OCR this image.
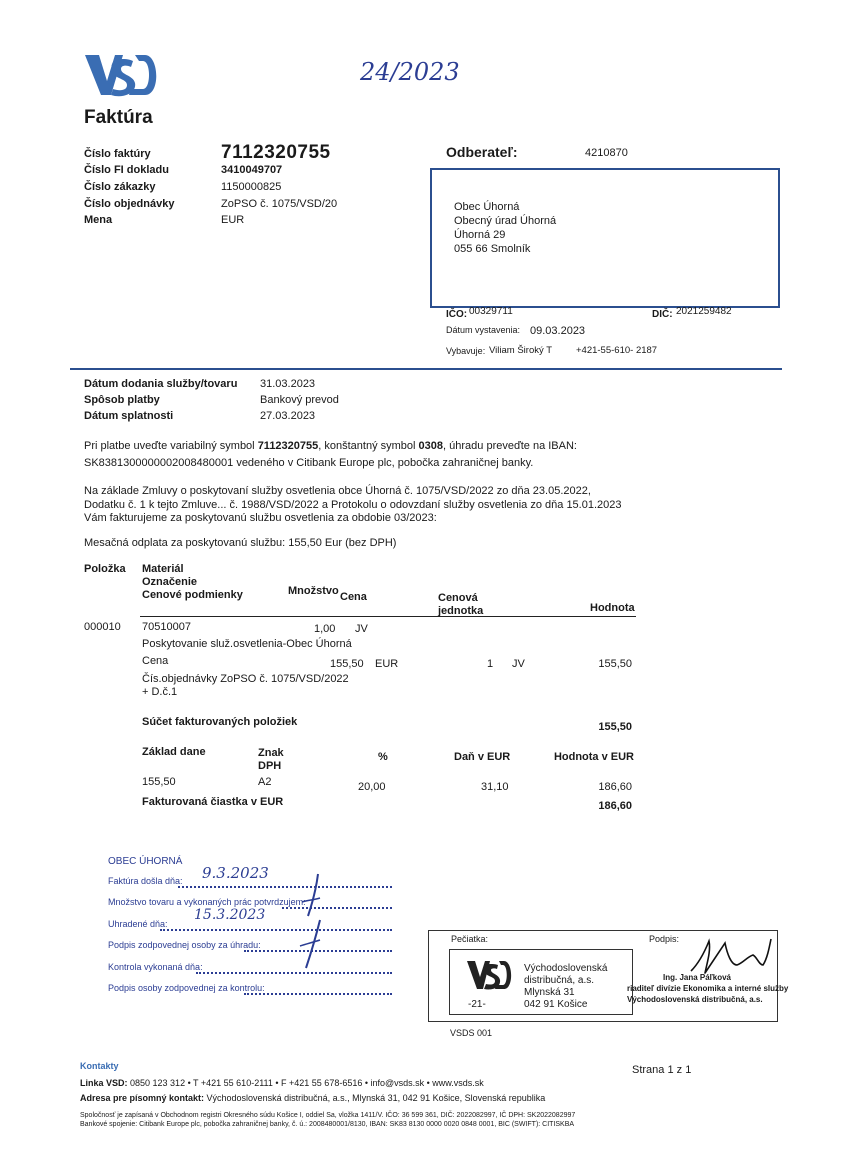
Faktúra
24/2023
Číslo faktúry	7112320755
Číslo FI dokladu	3410049707
Číslo zákazky	1150000825
Číslo objednávky	ZoPSO č. 1075/VSD/20
Mena	EUR
Odberateľ:	4210870
Obec Úhorná
Obecný úrad Úhorná
Úhorná 29
055 66 Smolník
IČO: 00329711	DIČ: 2021259482
Dátum vystavenia: 09.03.2023
Vybavuje: Viliam Široký T	+421-55-610- 2187
Dátum dodania služby/tovaru 31.03.2023
Spôsob platby	Bankový prevod
Dátum splatnosti	27.03.2023
Pri platbe uveďte variabilný symbol 7112320755, konštantný symbol 0308, úhradu preveďte na IBAN:
SK8381300000002008480001 vedeného v Citibank Europe plc, pobočka zahraničnej banky.
Na základe Zmluvy o poskytovaní služby osvetlenia obce Úhorná č. 1075/VSD/2022 zo dňa 23.05.2022,
Dodatku č. 1 k tejto Zmluve... č. 1988/VSD/2022 a Protokolu o odovzdaní služby osvetlenia zo dňa 15.01.2023
Vám fakturujeme za poskytovanú službu osvetlenia za obdobie 03/2023:
Mesačná odplata za poskytovanú službu: 155,50 Eur (bez DPH)
Položka Materiál
Označenie
Cenové podmienky	Množstvo Cena	Cenová jednotka	Hodnota
000010 70510007	1,00 JV
Poskytovanie služ.osvetlenia-Obec Úhorná
Cena	155,50 EUR	1 JV	155,50
Čís.objednávky ZoPSO č. 1075/VSD/2022
+ D.č.1
Súčet fakturovaných položiek	155,50
Základ dane	Znak DPH
%	Daň v EUR	Hodnota v EUR
155,50	A2	20,00	31,10	186,60
Fakturovaná čiastka v EUR	186,60
OBEC ÚHORNÁ
Faktúra došla dňa: 9.3.2023
Množstvo tovaru a vykonaných prác potvrdzujem:
Uhradené dňa:
15.3.2023
Podpis zodpovednej osoby za úhradu:
Kontrola vykonaná dňa:
Podpis osoby zodpovednej za kontrolu:
Pečiatka:	Podpis:
Východoslovenská
distribučná, a.s.
Mlynská 31
042 91 Košice
-21-
Ing. Jana Páľková
riaditeľ divízie Ekonomika a interné služby
Východoslovenská distribučná, a.s.
VSDS 001
Kontakty	Strana 1 z 1
Linka VSD: 0850 123 312 • T +421 55 610-2111 • F +421 55 678-6516 • info@vsds.sk • www.vsds.sk
Adresa pre písomný kontakt: Východoslovenská distribučná, a.s., Mlynská 31, 042 91 Košice, Slovenská republika
Spoločnosť je zapísaná v Obchodnom registri Okresného súdu Košice I, oddiel Sa, vložka 1411/V. IČO: 36 599 361, DIČ: 2022082997, IČ DPH: SK2022082997
Bankové spojenie: Citibank Europe plc, pobočka zahraničnej banky, č. ú.: 2008480001/8130, IBAN: SK83 8130 0000 0020 0848 0001, BIC (SWIFT): CITISKBA
